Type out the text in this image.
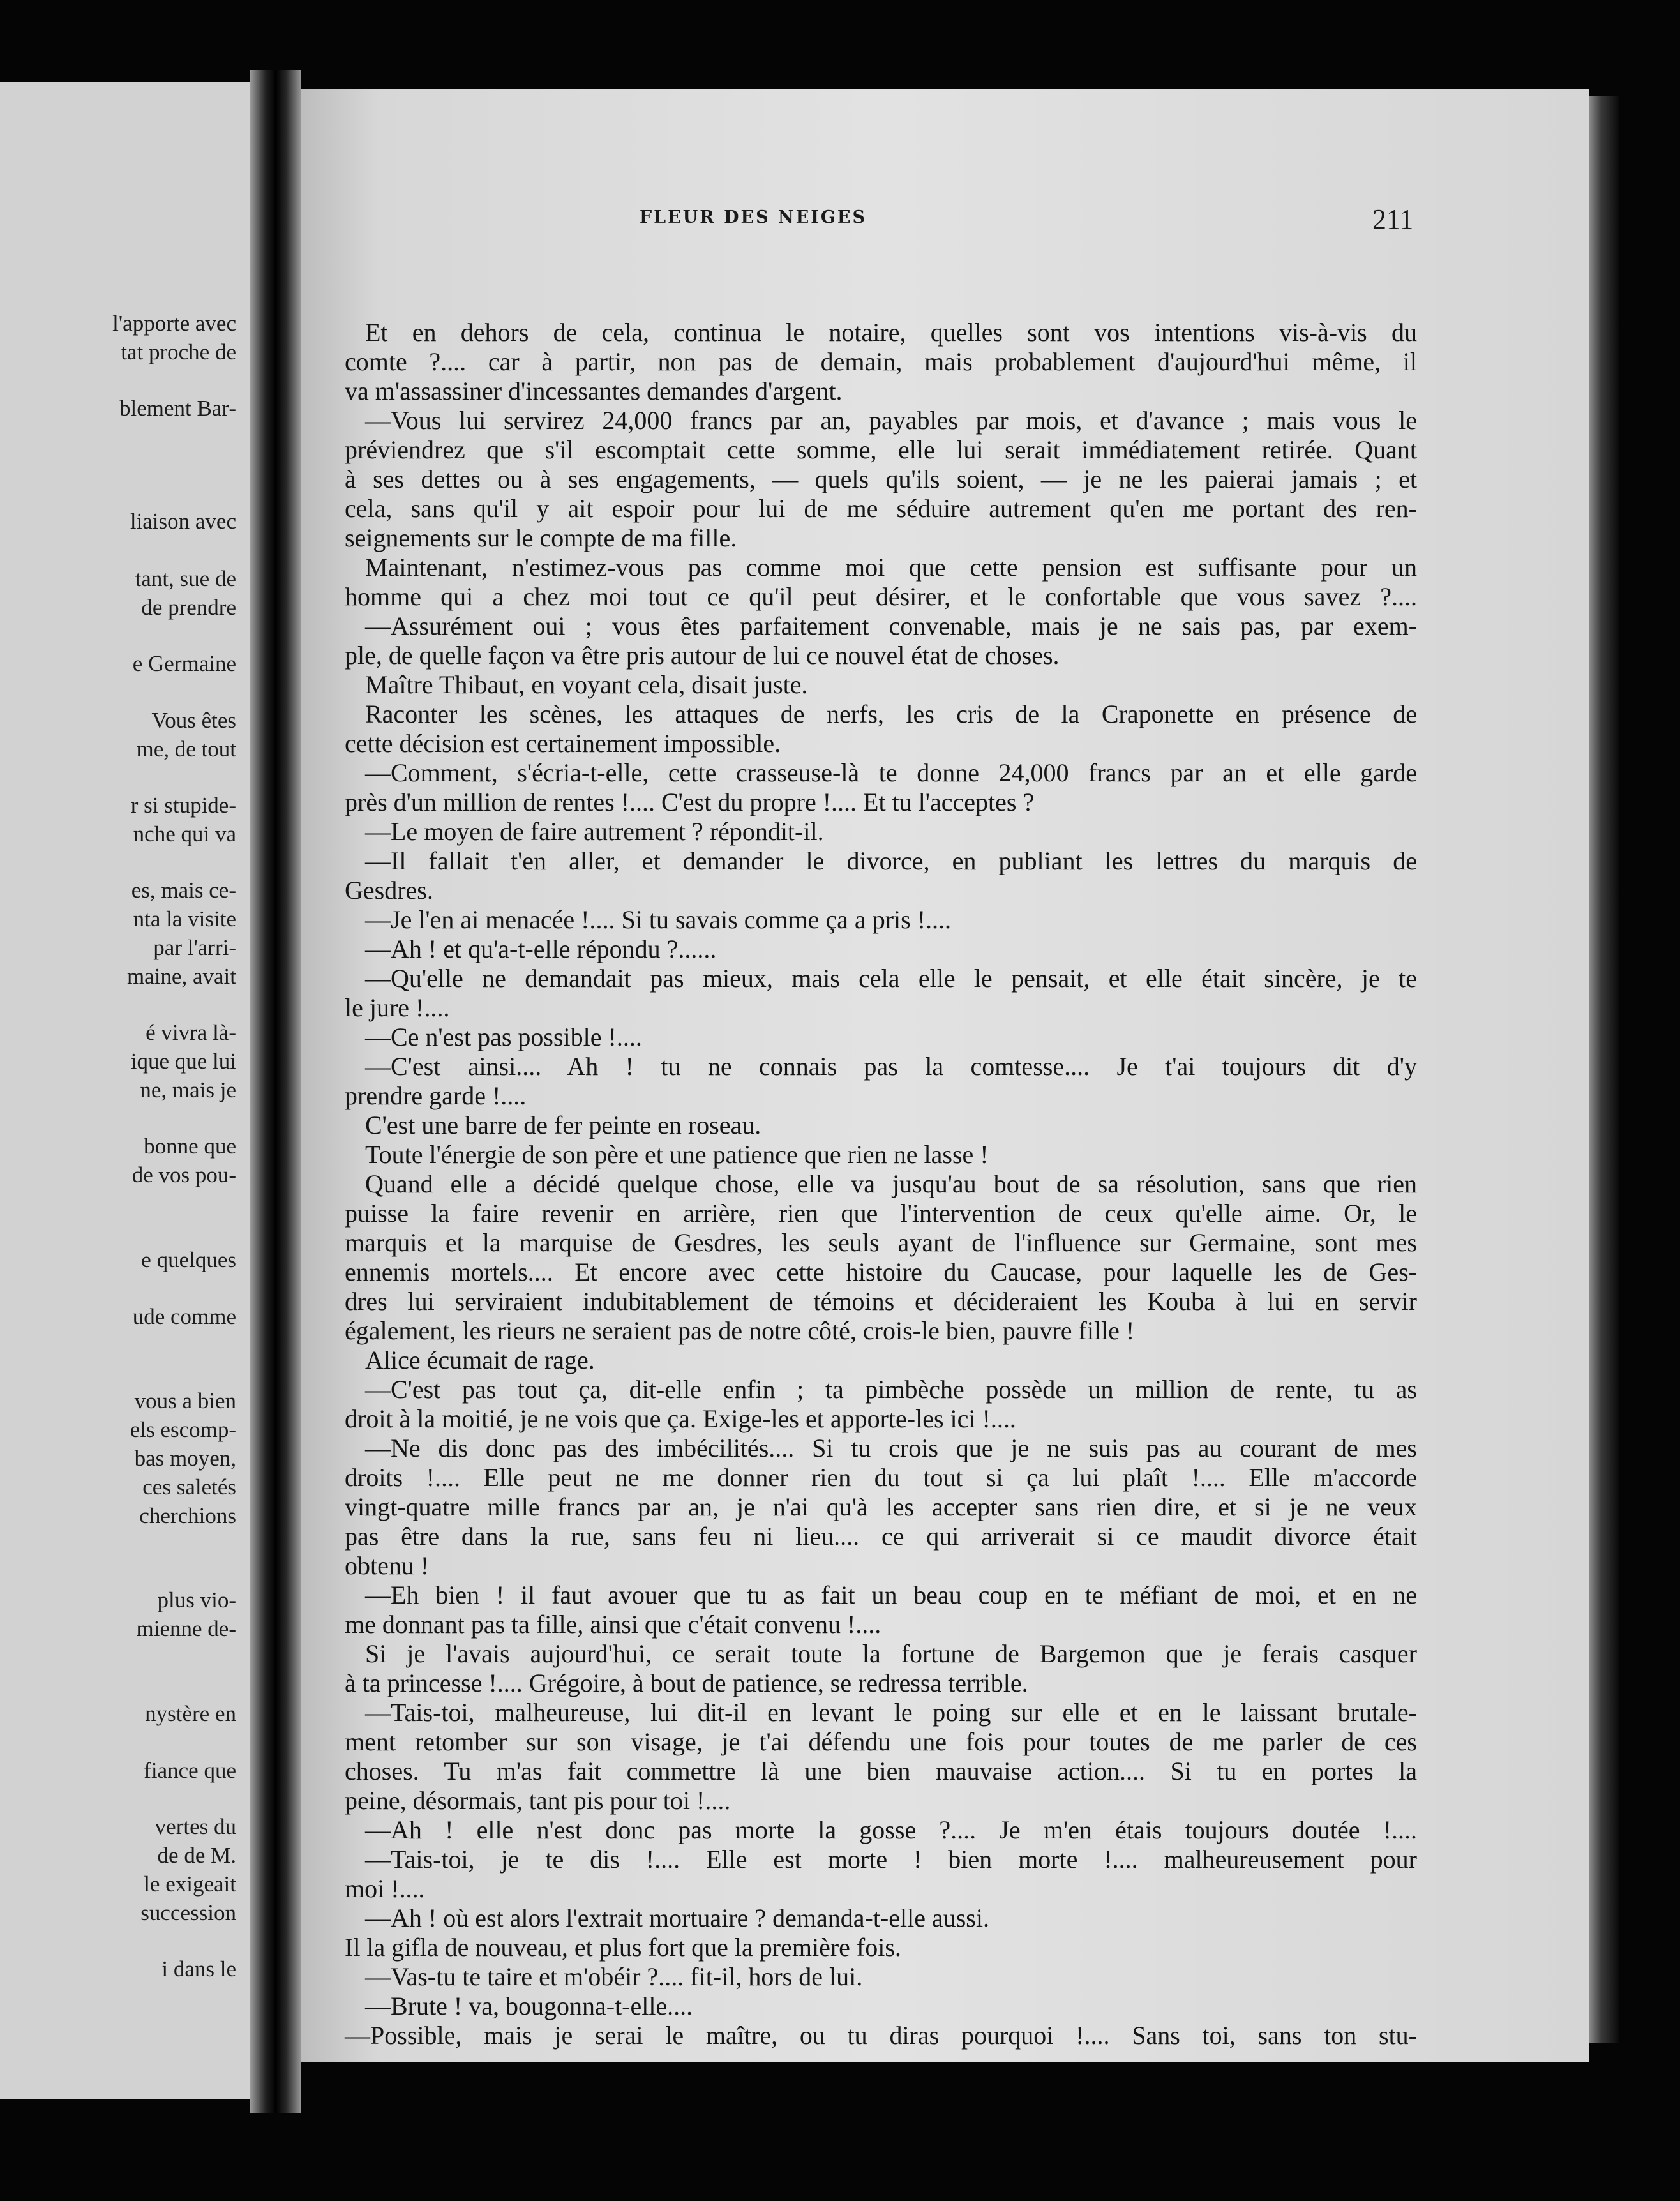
l'apporte avec
tat proche de
blement Bar-
liaison avec
tant, sue de
de prendre
e Germaine
Vous êtes
me, de tout
r si stupide-
nche qui va
es, mais ce-
nta la visite
par l'arri-
maine, avait
é vivra là-
ique que lui
ne, mais je
bonne que
de vos pou-
e quelques
ude comme
vous a bien
els escomp-
bas moyen,
ces saletés
cherchions
plus vio-
mienne de-
nystère en
fiance que
vertes du
de de M.
le exigeait
succession
i dans le
FLEUR DES NEIGES	211
Et en dehors de cela, continua le notaire, quelles sont vos intentions vis-à-vis du
comte ?.... car à partir, non pas de demain, mais probablement d'aujourd'hui même, il
va m'assassiner d'incessantes demandes d'argent.
—Vous lui servirez 24,000 francs par an, payables par mois, et d'avance ; mais vous le
préviendrez que s'il escomptait cette somme, elle lui serait immédiatement retirée. Quant
à ses dettes ou à ses engagements, — quels qu'ils soient, — je ne les paierai jamais ; et
cela, sans qu'il y ait espoir pour lui de me séduire autrement qu'en me portant des ren-
seignements sur le compte de ma fille.
Maintenant, n'estimez-vous pas comme moi que cette pension est suffisante pour un
homme qui a chez moi tout ce qu'il peut désirer, et le confortable que vous savez ?....
—Assurément oui ; vous êtes parfaitement convenable, mais je ne sais pas, par exem-
ple, de quelle façon va être pris autour de lui ce nouvel état de choses.
Maître Thibaut, en voyant cela, disait juste.
Raconter les scènes, les attaques de nerfs, les cris de la Craponette en présence de
cette décision est certainement impossible.
—Comment, s'écria-t-elle, cette crasseuse-là te donne 24,000 francs par an et elle garde
près d'un million de rentes !.... C'est du propre !.... Et tu l'acceptes ?
—Le moyen de faire autrement ? répondit-il.
—Il fallait t'en aller, et demander le divorce, en publiant les lettres du marquis de
Gesdres.
—Je l'en ai menacée !.... Si tu savais comme ça a pris !....
—Ah ! et qu'a-t-elle répondu ?......
—Qu'elle ne demandait pas mieux, mais cela elle le pensait, et elle était sincère, je te
le jure !....
—Ce n'est pas possible !....
—C'est ainsi.... Ah ! tu ne connais pas la comtesse.... Je t'ai toujours dit d'y
prendre garde !....
C'est une barre de fer peinte en roseau.
Toute l'énergie de son père et une patience que rien ne lasse !
Quand elle a décidé quelque chose, elle va jusqu'au bout de sa résolution, sans que rien
puisse la faire revenir en arrière, rien que l'intervention de ceux qu'elle aime. Or, le
marquis et la marquise de Gesdres, les seuls ayant de l'influence sur Germaine, sont mes
ennemis mortels.... Et encore avec cette histoire du Caucase, pour laquelle les de Ges-
dres lui serviraient indubitablement de témoins et décideraient les Kouba à lui en servir
également, les rieurs ne seraient pas de notre côté, crois-le bien, pauvre fille !
Alice écumait de rage.
—C'est pas tout ça, dit-elle enfin ; ta pimbèche possède un million de rente, tu as
droit à la moitié, je ne vois que ça. Exige-les et apporte-les ici !....
—Ne dis donc pas des imbécilités.... Si tu crois que je ne suis pas au courant de mes
droits !.... Elle peut ne me donner rien du tout si ça lui plaît !.... Elle m'accorde
vingt-quatre mille francs par an, je n'ai qu'à les accepter sans rien dire, et si je ne veux
pas être dans la rue, sans feu ni lieu.... ce qui arriverait si ce maudit divorce était
obtenu !
—Eh bien ! il faut avouer que tu as fait un beau coup en te méfiant de moi, et en ne
me donnant pas ta fille, ainsi que c'était convenu !....
Si je l'avais aujourd'hui, ce serait toute la fortune de Bargemon que je ferais casquer
à ta princesse !.... Grégoire, à bout de patience, se redressa terrible.
—Tais-toi, malheureuse, lui dit-il en levant le poing sur elle et en le laissant brutale-
ment retomber sur son visage, je t'ai défendu une fois pour toutes de me parler de ces
choses. Tu m'as fait commettre là une bien mauvaise action.... Si tu en portes la
peine, désormais, tant pis pour toi !....
—Ah ! elle n'est donc pas morte la gosse ?.... Je m'en étais toujours doutée !....
—Tais-toi, je te dis !.... Elle est morte ! bien morte !.... malheureusement pour
moi !....
—Ah ! où est alors l'extrait mortuaire ? demanda-t-elle aussi.
Il la gifla de nouveau, et plus fort que la première fois.
—Vas-tu te taire et m'obéir ?.... fit-il, hors de lui.
—Brute ! va, bougonna-t-elle....
—Possible, mais je serai le maître, ou tu diras pourquoi !.... Sans toi, sans ton stu-
